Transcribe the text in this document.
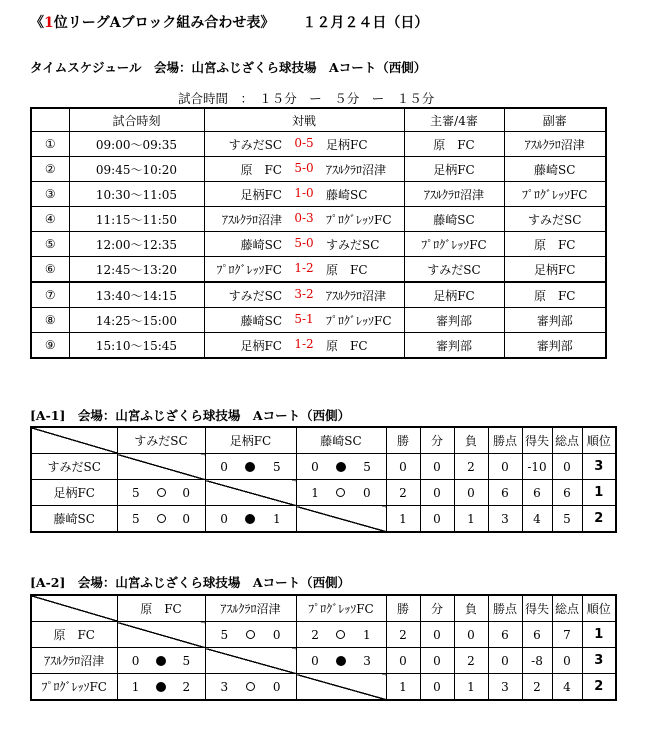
《1位リーグAブロック組み合わせ表》 １２月２４日（日）
タイムスケジュール　会場：山宮ふじざくら球技場　Aコート（西側）
試合時間　：　１５分　ー　５分　ー　１５分
	試合時刻	対戦	主審/4審	副審
①	09:00～09:35	すみだSC 0-5 足柄FC	原　FC	ｱｽﾙｸﾗﾛ沼津
②	09:45～10:20	原　FC 5-0 ｱｽﾙｸﾗﾛ沼津	足柄FC	藤崎SC
③	10:30～11:05	足柄FC 1-0 藤崎SC	ｱｽﾙｸﾗﾛ沼津	ﾌﾟﾛｸﾞﾚｯｿFC
④	11:15～11:50	ｱｽﾙｸﾗﾛ沼津 0-3 ﾌﾟﾛｸﾞﾚｯｿFC	藤崎SC	すみだSC
⑤	12:00～12:35	藤崎SC 5-0 すみだSC	ﾌﾟﾛｸﾞﾚｯｿFC	原　FC
⑥	12:45～13:20	ﾌﾟﾛｸﾞﾚｯｿFC 1-2 原　FC	すみだSC	足柄FC
⑦	13:40～14:15	すみだSC 3-2 ｱｽﾙｸﾗﾛ沼津	足柄FC	原　FC
⑧	14:25～15:00	藤崎SC 5-1 ﾌﾟﾛｸﾞﾚｯｿFC	審判部	審判部
⑨	15:10～15:45	足柄FC 1-2 原　FC	審判部	審判部
[A-1]　会場：山宮ふじざくら球技場　Aコート（西側）
	すみだSC	足柄FC	藤崎SC	勝	分	負	勝点	得失	総点	順位
すみだSC		0 5	0 5	0	0	2	0	-10	0	3
足柄FC	5 0		1 0	2	0	0	6	6	6	1
藤崎SC	5 0	0 1		1	0	1	3	4	5	2
[A-2]　会場：山宮ふじざくら球技場　Aコート（西側）
	原　FC	ｱｽﾙｸﾗﾛ沼津	ﾌﾟﾛｸﾞﾚｯｿFC	勝	分	負	勝点	得失	総点	順位
原　FC		5 0	2 1	2	0	0	6	6	7	1
ｱｽﾙｸﾗﾛ沼津	0 5		0 3	0	0	2	0	-8	0	3
ﾌﾟﾛｸﾞﾚｯｿFC	1 2	3 0		1	0	1	3	2	4	2
